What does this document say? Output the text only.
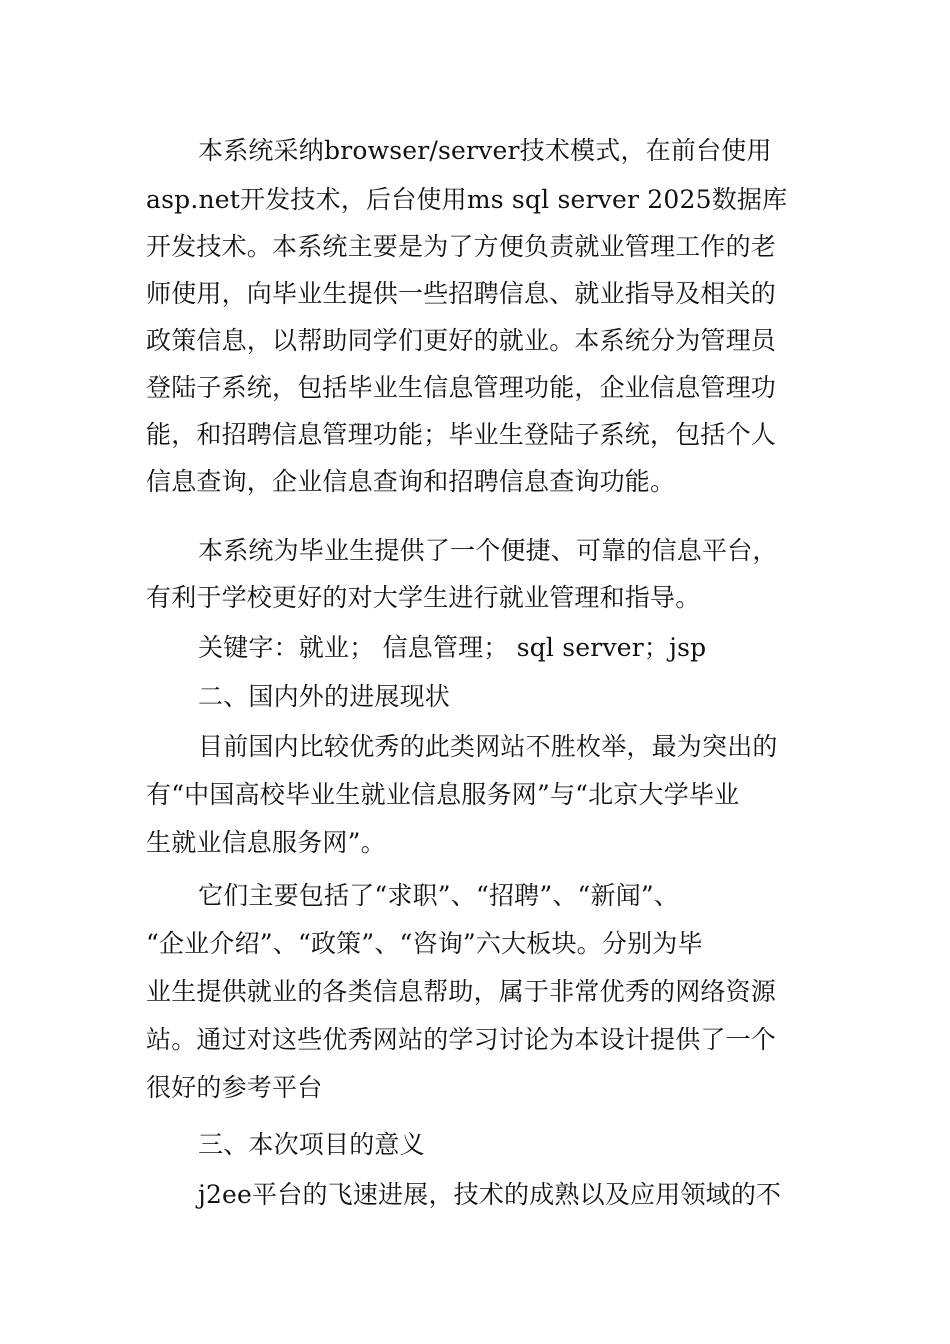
本系统采纳browser/server技术模式，在前台使用
asp.net开发技术，后台使用ms sql server 2025数据库
开发技术。本系统主要是为了方便负责就业管理工作的老
师使用，向毕业生提供一些招聘信息、就业指导及相关的
政策信息，以帮助同学们更好的就业。本系统分为管理员
登陆子系统，包括毕业生信息管理功能，企业信息管理功
能，和招聘信息管理功能；毕业生登陆子系统，包括个人
信息查询，企业信息查询和招聘信息查询功能。
本系统为毕业生提供了一个便捷、可靠的信息平台，
有利于学校更好的对大学生进行就业管理和指导。
关键字：就业； 信息管理； sql server；jsp
二、国内外的进展现状
目前国内比较优秀的此类网站不胜枚举，最为突出的
有“中国高校毕业生就业信息服务网”与“北京大学毕业
生就业信息服务网”。
它们主要包括了“求职”、“招聘”、“新闻”、
“企业介绍”、“政策”、“咨询”六大板块。分别为毕
业生提供就业的各类信息帮助，属于非常优秀的网络资源
站。通过对这些优秀网站的学习讨论为本设计提供了一个
很好的参考平台
三、本次项目的意义
j2ee平台的飞速进展，技术的成熟以及应用领域的不
